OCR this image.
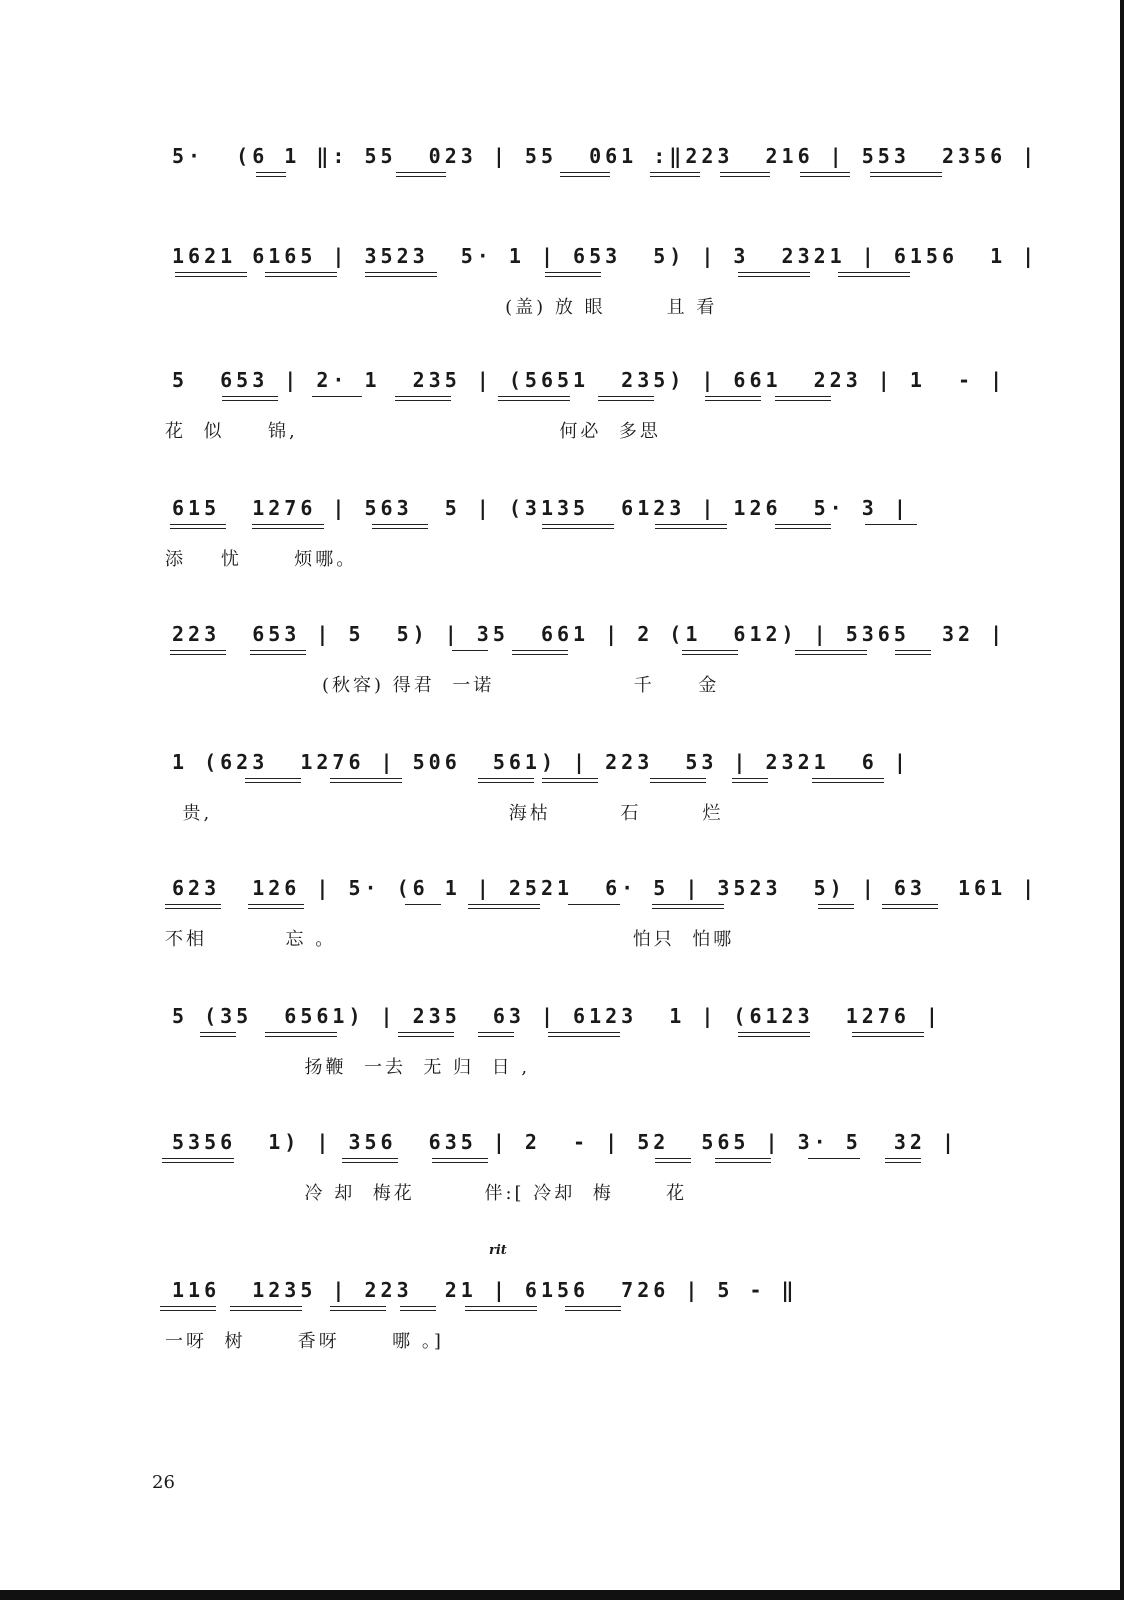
5·  (6 1 ‖: 55  023 | 55  061 :‖223  216 | 553  2356 |
1621 6165 | 3523  5· 1 | 653  5) | 3  2321 | 6156  1 |
(盖) 放 眼       且 看
5  653 | 2· 1  235 | (5651  235) | 661  223 | 1  - |
花  似     锦,                              何必  多思
615  1276 | 563  5 | (3135  6123 | 126  5· 3 |
添    忧      烦哪。
223  653 | 5  5) | 35  661 | 2 (1  612) | 5365  32 |
(秋容) 得君  一诺                千     金
1 (623  1276 | 506  561) | 223  53 | 2321  6 |
贵,                                  海枯        石       烂
623  126 | 5· (6 1 | 2521  6· 5 | 3523  5) | 63  161 |
不相         忘 。                                  怕只  怕哪
5 (35  6561) | 235  63 | 6123  1 | (6123  1276 |
扬鞭  一去  无 归  日 ,
5356  1) | 356  635 | 2  - | 52  565 | 3· 5  32 |
冷 却  梅花        伴:[ 冷却  梅      花
rit
116  1235 | 223  21 | 6156  726 | 5 - ‖
一呀  树      香呀      哪 。]
26
